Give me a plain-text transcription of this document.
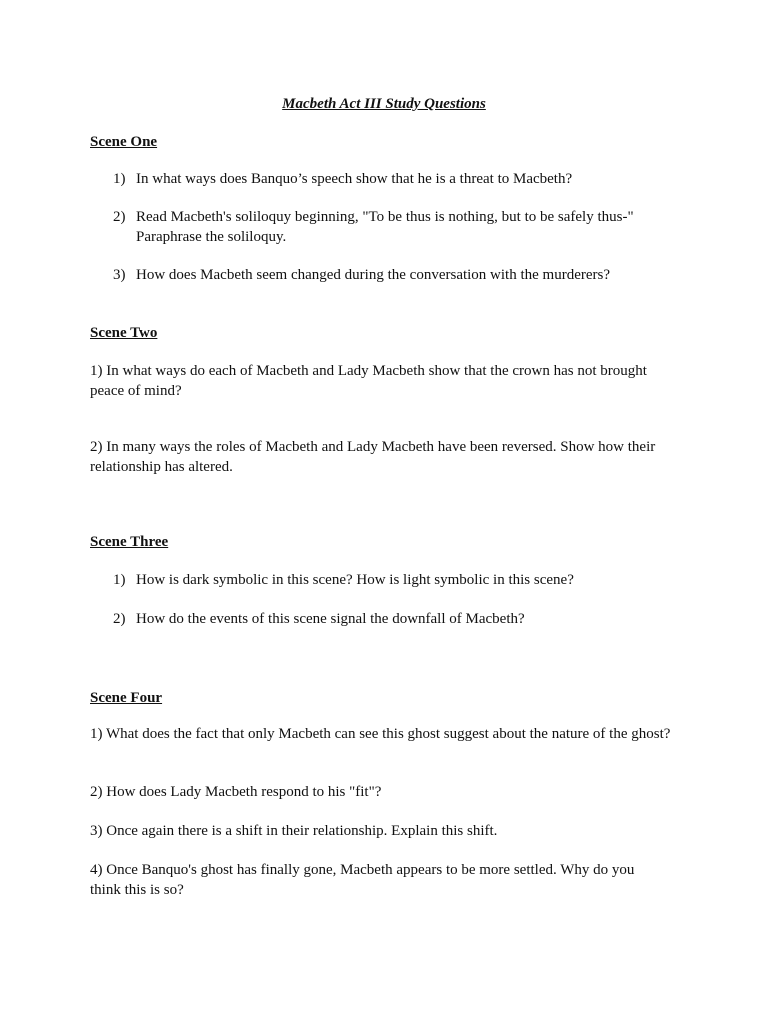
Macbeth Act III Study Questions
Scene One

1) In what ways does Banquo’s speech show that he is a threat to Macbeth?

2) Read Macbeth's soliloquy beginning, "To be thus is nothing, but to be safely thus-" Paraphrase the soliloquy.

3) How does Macbeth seem changed during the conversation with the murderers?

Scene Two

1) In what ways do each of Macbeth and Lady Macbeth show that the crown has not brought peace of mind?

2) In many ways the roles of Macbeth and Lady Macbeth have been reversed. Show how their relationship has altered.

Scene Three

1) How is dark symbolic in this scene? How is light symbolic in this scene?

2) How do the events of this scene signal the downfall of Macbeth?

Scene Four

1) What does the fact that only Macbeth can see this ghost suggest about the nature of the ghost?

2) How does Lady Macbeth respond to his "fit"?

3) Once again there is a shift in their relationship. Explain this shift.

4) Once Banquo's ghost has finally gone, Macbeth appears to be more settled. Why do you think this is so?
